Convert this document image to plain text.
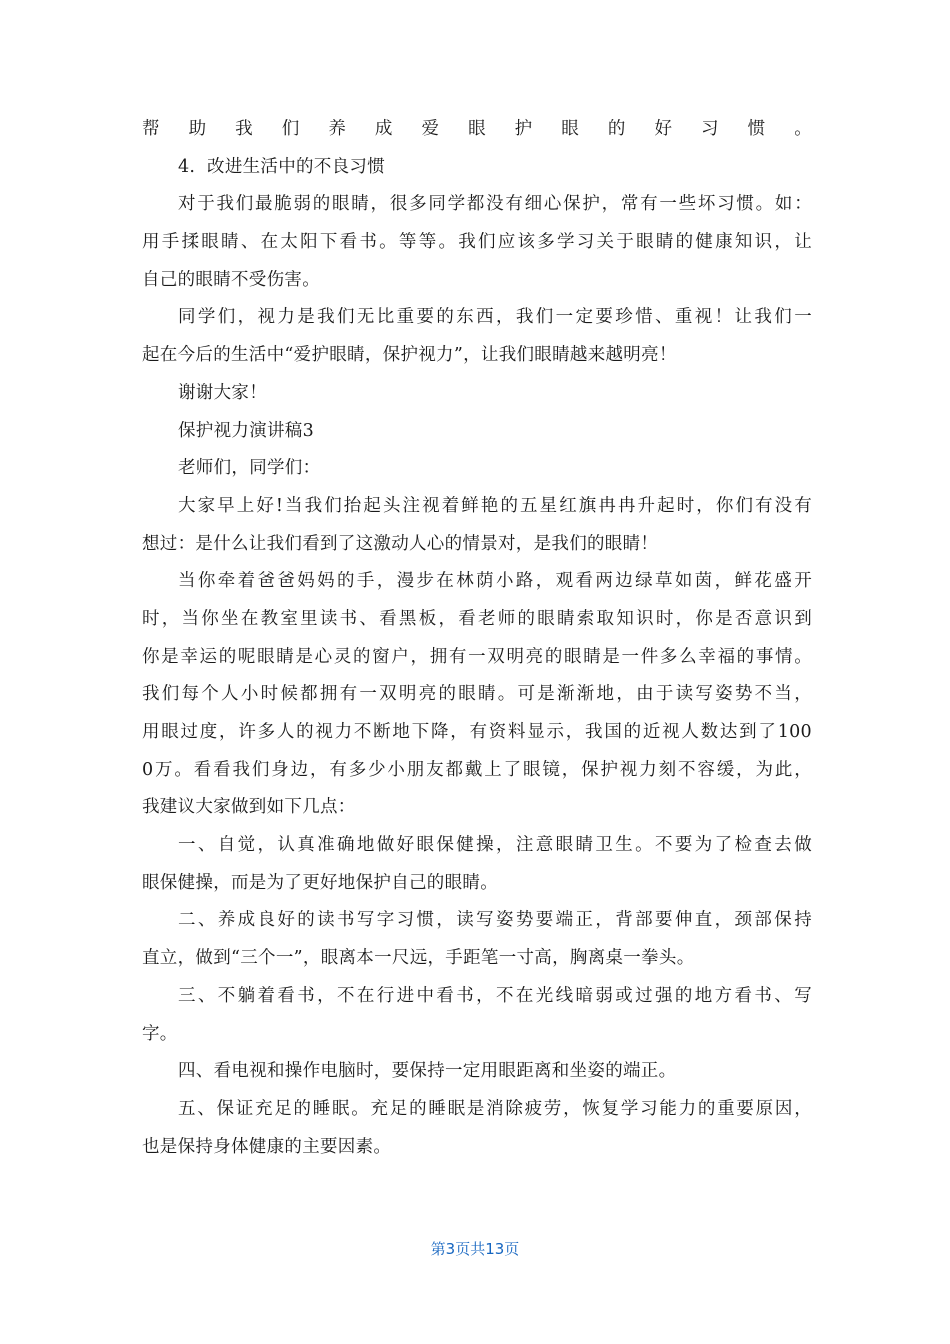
帮助我们养成爱眼护眼的好习惯。
4.  改进生活中的不良习惯
对于我们最脆弱的眼睛，很多同学都没有细心保护，常有一些坏习惯。如：
用手揉眼睛、在太阳下看书。等等。我们应该多学习关于眼睛的健康知识，让
自己的眼睛不受伤害。
同学们，视力是我们无比重要的东西，我们一定要珍惜、重视！让我们一
起在今后的生活中“爱护眼睛，保护视力”，让我们眼睛越来越明亮！
谢谢大家！
保护视力演讲稿3
老师们，同学们：
大家早上好!当我们抬起头注视着鲜艳的五星红旗冉冉升起时，你们有没有
想过：是什么让我们看到了这激动人心的情景对，是我们的眼睛！
当你牵着爸爸妈妈的手，漫步在林荫小路，观看两边绿草如茵，鲜花盛开
时，当你坐在教室里读书、看黑板，看老师的眼睛索取知识时，你是否意识到
你是幸运的呢眼睛是心灵的窗户，拥有一双明亮的眼睛是一件多么幸福的事情。
我们每个人小时候都拥有一双明亮的眼睛。可是渐渐地，由于读写姿势不当，
用眼过度，许多人的视力不断地下降，有资料显示，我国的近视人数达到了100
0万。看看我们身边，有多少小朋友都戴上了眼镜，保护视力刻不容缓，为此，
我建议大家做到如下几点：
一、自觉，认真准确地做好眼保健操，注意眼睛卫生。不要为了检查去做
眼保健操，而是为了更好地保护自己的眼睛。
二、养成良好的读书写字习惯，读写姿势要端正，背部要伸直，颈部保持
直立，做到“三个一”，眼离本一尺远，手距笔一寸高，胸离桌一拳头。
三、不躺着看书，不在行进中看书，不在光线暗弱或过强的地方看书、写
字。
四、看电视和操作电脑时，要保持一定用眼距离和坐姿的端正。
五、保证充足的睡眠。充足的睡眠是消除疲劳，恢复学习能力的重要原因，
也是保持身体健康的主要因素。
第3页共13页
